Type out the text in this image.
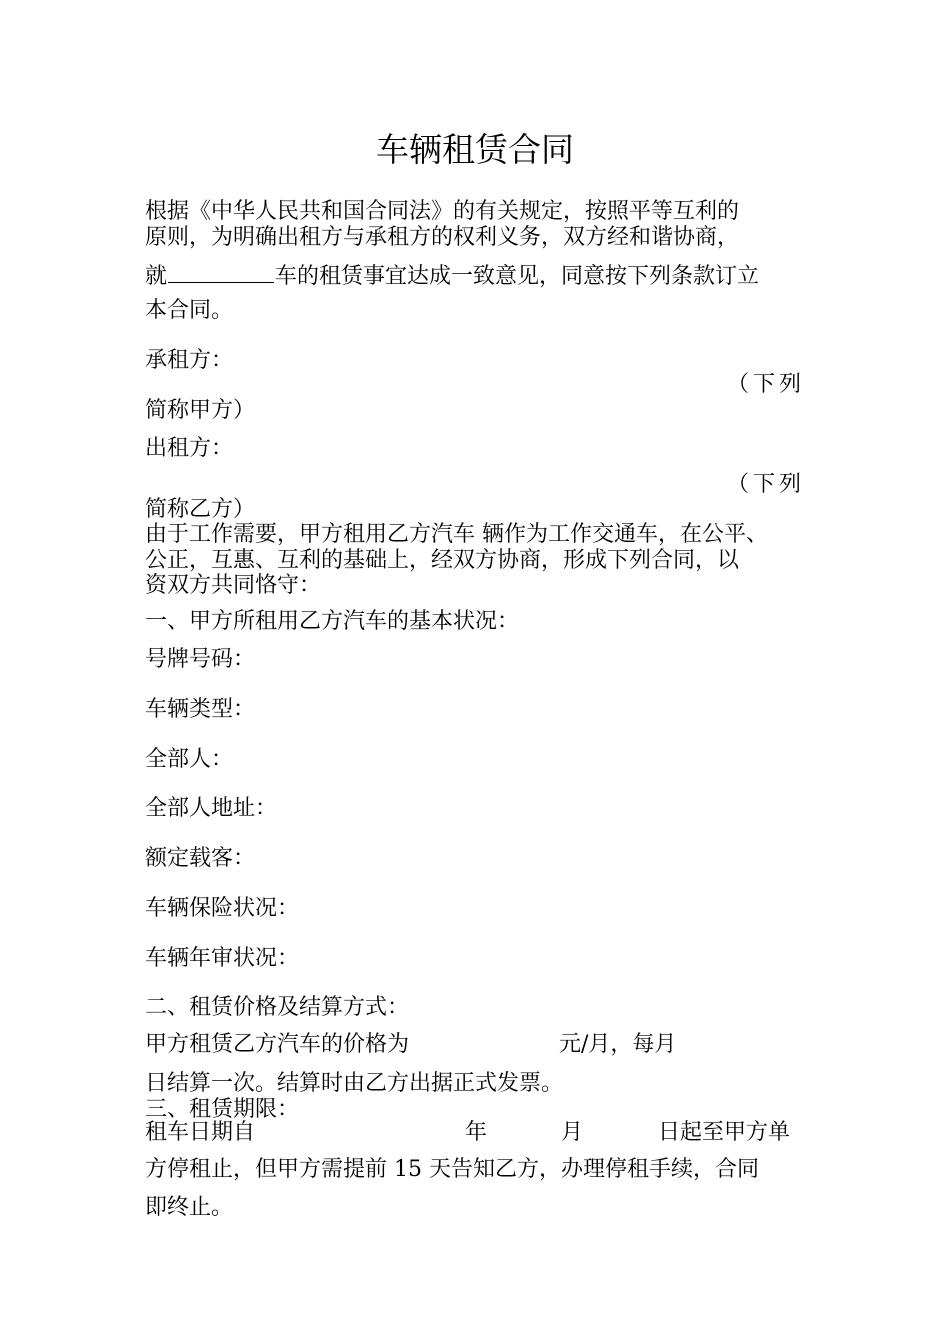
车辆租赁合同
根据《中华人民共和国合同法》的有关规定，按照平等互利的
原则，为明确出租方与承租方的权利义务，双方经和谐协商，
就	车的租赁事宜达成一致意见，同意按下列条款订立
本合同。
承租方：
（下列
简称甲方）
出租方：
（下列
简称乙方）
由于工作需要，甲方租用乙方汽车 辆作为工作交通车，在公平、
公正，互惠、互利的基础上，经双方协商，形成下列合同，以
资双方共同恪守：
一、甲方所租用乙方汽车的基本状况：
号牌号码：
车辆类型：
全部人：
全部人地址：
额定载客：
车辆保险状况：
车辆年审状况：
二、租赁价格及结算方式：
甲方租赁乙方汽车的价格为	元/月，每月
日结算一次。结算时由乙方出据正式发票。
三、租赁期限：
租车日期自	年	月	日起至甲方单
方停租止，但甲方需提前 15 天告知乙方，办理停租手续，合同
即终止。
